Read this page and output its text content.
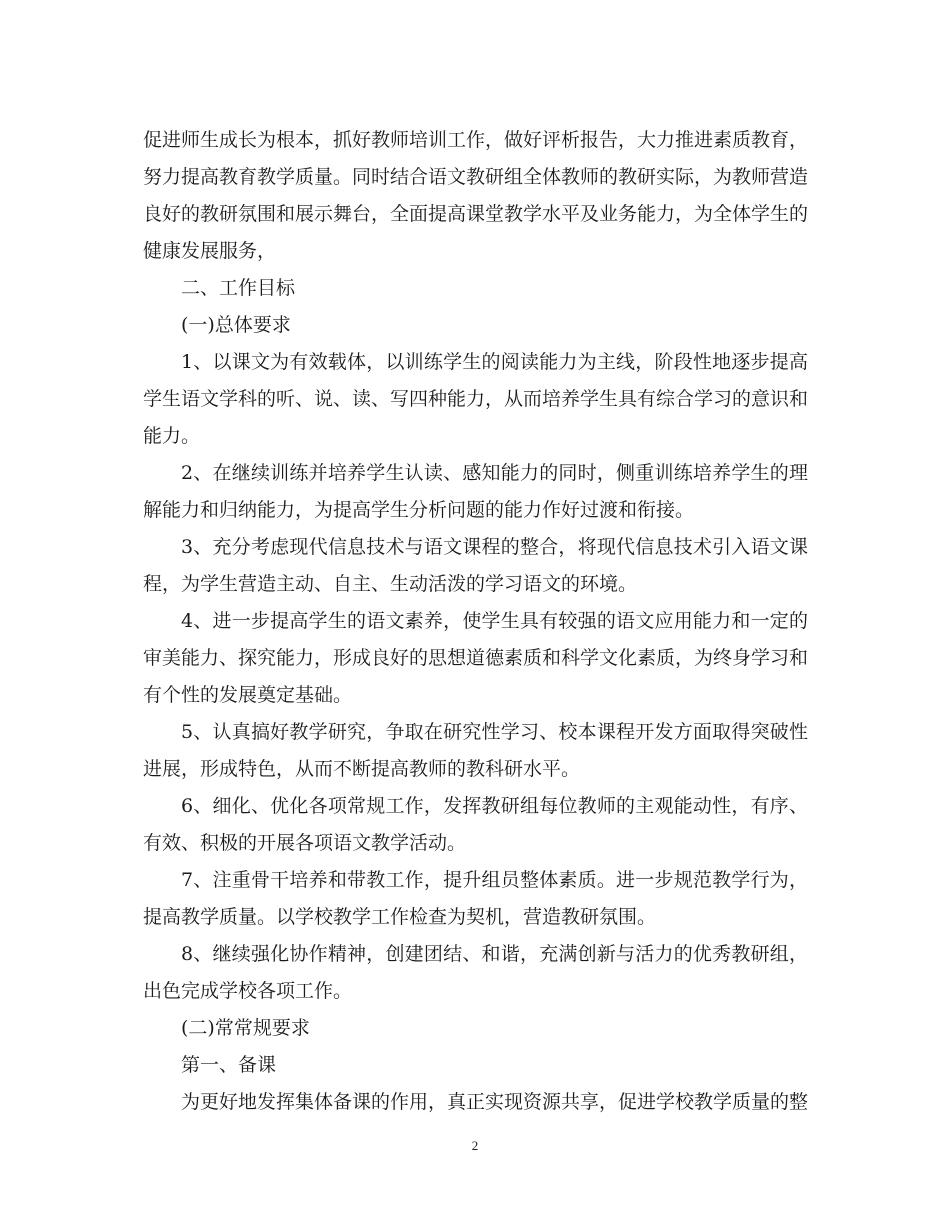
促进师生成长为根本，抓好教师培训工作，做好评析报告，大力推进素质教育，努力提高教育教学质量。同时结合语文教研组全体教师的教研实际，为教师营造良好的教研氛围和展示舞台，全面提高课堂教学水平及业务能力，为全体学生的健康发展服务，

二、工作目标

(一)总体要求

1、以课文为有效载体，以训练学生的阅读能力为主线，阶段性地逐步提高学生语文学科的听、说、读、写四种能力，从而培养学生具有综合学习的意识和能力。

2、在继续训练并培养学生认读、感知能力的同时，侧重训练培养学生的理解能力和归纳能力，为提高学生分析问题的能力作好过渡和衔接。

3、充分考虑现代信息技术与语文课程的整合，将现代信息技术引入语文课程，为学生营造主动、自主、生动活泼的学习语文的环境。

4、进一步提高学生的语文素养，使学生具有较强的语文应用能力和一定的审美能力、探究能力，形成良好的思想道德素质和科学文化素质，为终身学习和有个性的发展奠定基础。

5、认真搞好教学研究，争取在研究性学习、校本课程开发方面取得突破性进展，形成特色，从而不断提高教师的教科研水平。

6、细化、优化各项常规工作，发挥教研组每位教师的主观能动性，有序、有效、积极的开展各项语文教学活动。

7、注重骨干培养和带教工作，提升组员整体素质。进一步规范教学行为，提高教学质量。以学校教学工作检查为契机，营造教研氛围。

8、继续强化协作精神，创建团结、和谐，充满创新与活力的优秀教研组，出色完成学校各项工作。

(二)常常规要求

第一、备课

为更好地发挥集体备课的作用，真正实现资源共享，促进学校教学质量的整

2
